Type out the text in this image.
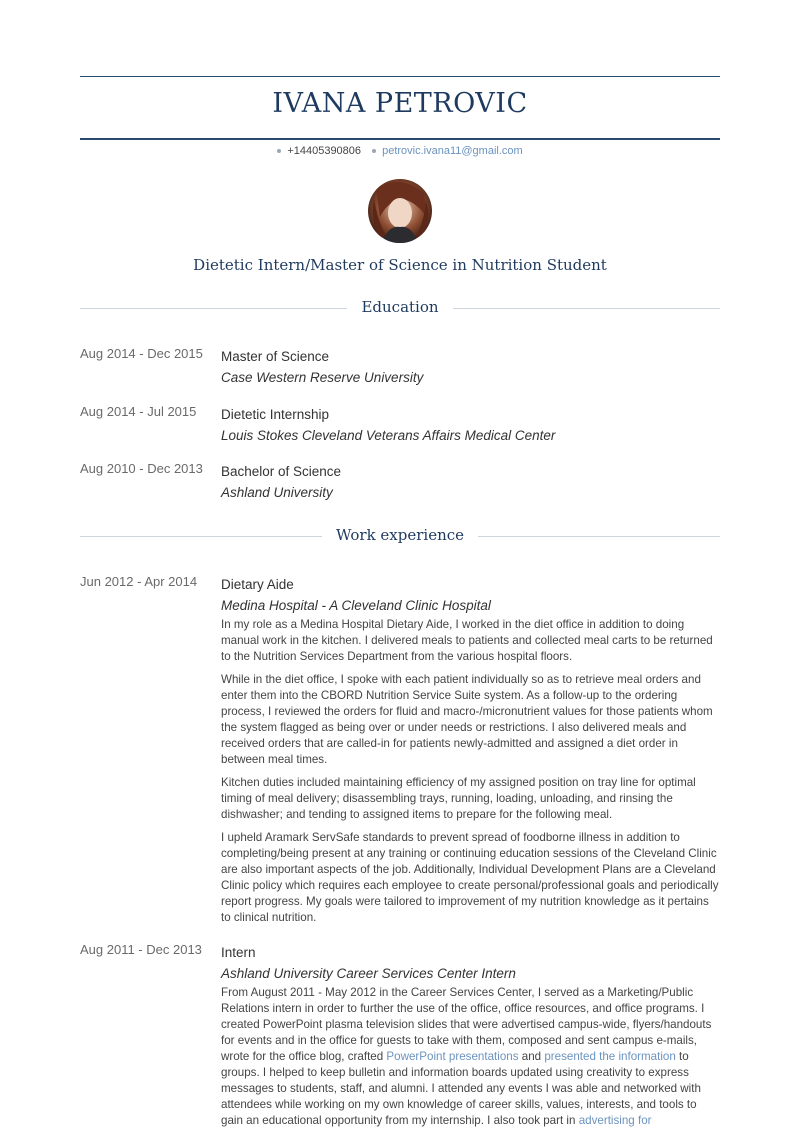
IVANA PETROVIC
+14405390806 petrovic.ivana11@gmail.com
Dietetic Intern/Master of Science in Nutrition Student
Education
Aug 2014 - Dec 2015 Master of Science
Case Western Reserve University
Aug 2014 - Jul 2015 Dietetic Internship
Louis Stokes Cleveland Veterans Affairs Medical Center
Aug 2010 - Dec 2013 Bachelor of Science
Ashland University
Work experience
Jun 2012 - Apr 2014 Dietary Aide
Medina Hospital - A Cleveland Clinic Hospital

In my role as a Medina Hospital Dietary Aide, I worked in the diet office in addition to doing manual work in the kitchen. I delivered meals to patients and collected meal carts to be returned to the Nutrition Services Department from the various hospital floors.

While in the diet office, I spoke with each patient individually so as to retrieve meal orders and enter them into the CBORD Nutrition Service Suite system. As a follow-up to the ordering process, I reviewed the orders for fluid and macro-/micronutrient values for those patients whom the system flagged as being over or under needs or restrictions. I also delivered meals and received orders that are called-in for patients newly-admitted and assigned a diet order in between meal times.

Kitchen duties included maintaining efficiency of my assigned position on tray line for optimal timing of meal delivery; disassembling trays, running, loading, unloading, and rinsing the dishwasher; and tending to assigned items to prepare for the following meal.

I upheld Aramark ServSafe standards to prevent spread of foodborne illness in addition to completing/being present at any training or continuing education sessions of the Cleveland Clinic are also important aspects of the job. Additionally, Individual Development Plans are a Cleveland Clinic policy which requires each employee to create personal/professional goals and periodically report progress. My goals were tailored to improvement of my nutrition knowledge as it pertains to clinical nutrition.

Aug 2011 - Dec 2013 Intern
Ashland University Career Services Center Intern

From August 2011 - May 2012 in the Career Services Center, I served as a Marketing/Public Relations intern in order to further the use of the office, office resources, and office programs. I created PowerPoint plasma television slides that were advertised campus-wide, flyers/handouts for events and in the office for guests to take with them, composed and sent campus e-mails, wrote for the office blog, crafted PowerPoint presentations and presented the information to groups. I helped to keep bulletin and information boards updated using creativity to express messages to students, staff, and alumni. I attended any events I was able and networked with attendees while working on my own knowledge of career skills, values, interests, and tools to gain an educational opportunity from my internship. I also took part in advertising for
